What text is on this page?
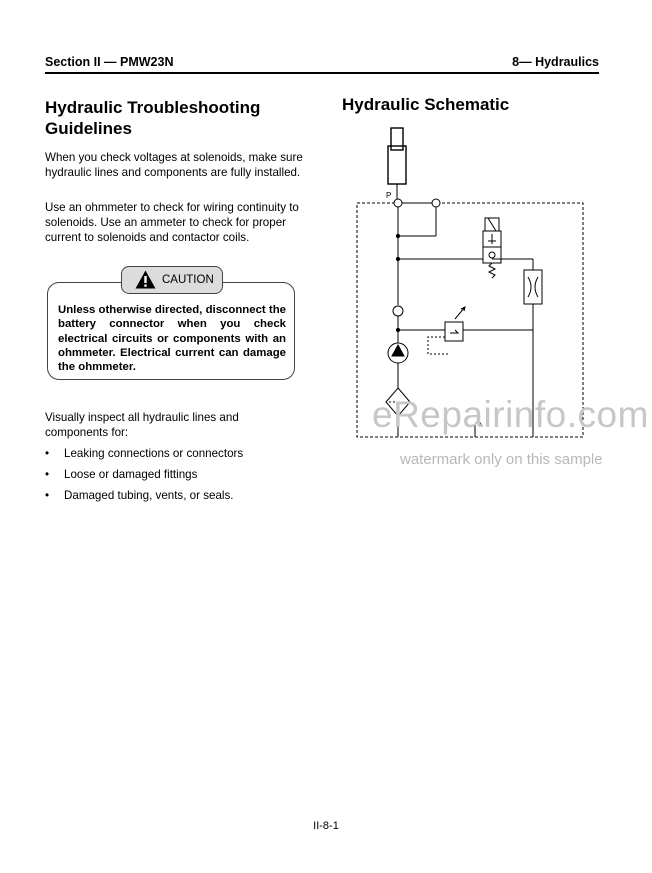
Section II — PMW23N	8— Hydraulics
Hydraulic Troubleshooting Guidelines

When you check voltages at solenoids, make sure hydraulic lines and components are fully installed.

Use an ohmmeter to check for wiring continuity to solenoids. Use an ammeter to check for proper current to solenoids and contactor coils.

Unless otherwise directed, disconnect the battery connector when you check electrical circuits or components with an ohmmeter. Electrical current can damage the ohmmeter.

CAUTION

Visually inspect all hydraulic lines and components for:

• Leaking connections or connectors
• Loose or damaged fittings
• Damaged tubing, vents, or seals.
Hydraulic Schematic
P
eRepairinfo.com
watermark only on this sample
II-8-1
